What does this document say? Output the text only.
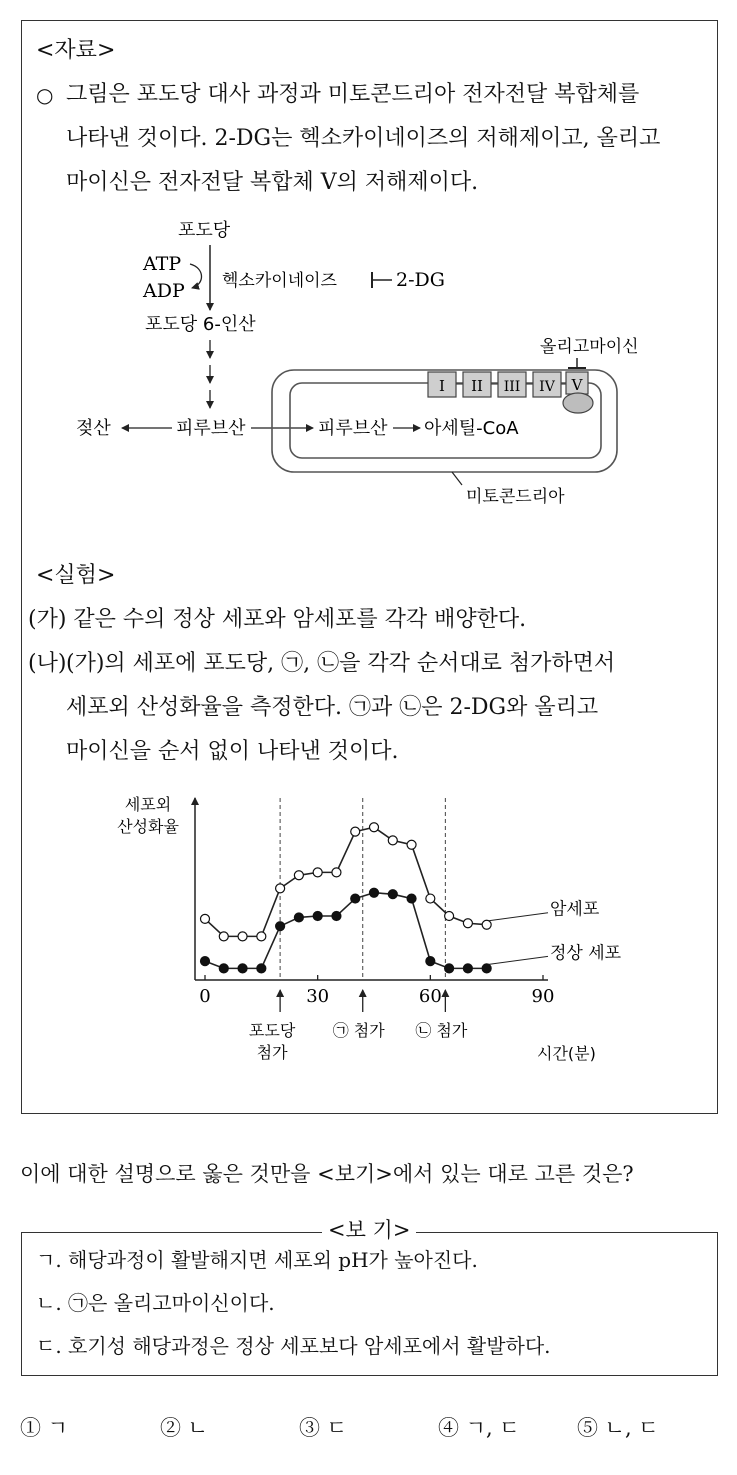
<자료>
○ 그림은 포도당 대사 과정과 미토콘드리아 전자전달 복합체를
나타낸 것이다. 2-DG는 헥소카이네이즈의 저해제이고, 올리고
마이신은 전자전달 복합체 V의 저해제이다.
포도당
ATP
ADP 헥소카이네이즈	2-DG
포도당 6-인산
젖산	피루브산	피루브산 아세틸-CoA
I II III IV V
올리고마이신
미토콘드리아
<실험>
(가) 같은 수의 정상 세포와 암세포를 각각 배양한다.
(나) (가)의 세포에 포도당, ㉠, ㉡을 각각 순서대로 첨가하면서
세포외 산성화율을 측정한다. ㉠과 ㉡은 2-DG와 올리고
마이신을 순서 없이 나타낸 것이다.
세포외
산성화율
0	30	60	90
포도당
첨가
㉠ 첨가 ㉡ 첨가
암세포
정상 세포
시간(분)
이에 대한 설명으로 옳은 것만을 <보기>에서 있는 대로 고른 것은?
<보 기>
ㄱ. 해당과정이 활발해지면 세포외 pH가 높아진다.
ㄴ. ㉠은 올리고마이신이다.
ㄷ. 호기성 해당과정은 정상 세포보다 암세포에서 활발하다.
① ㄱ	② ㄴ	③ ㄷ	④ ㄱ, ㄷ	⑤ ㄴ, ㄷ
